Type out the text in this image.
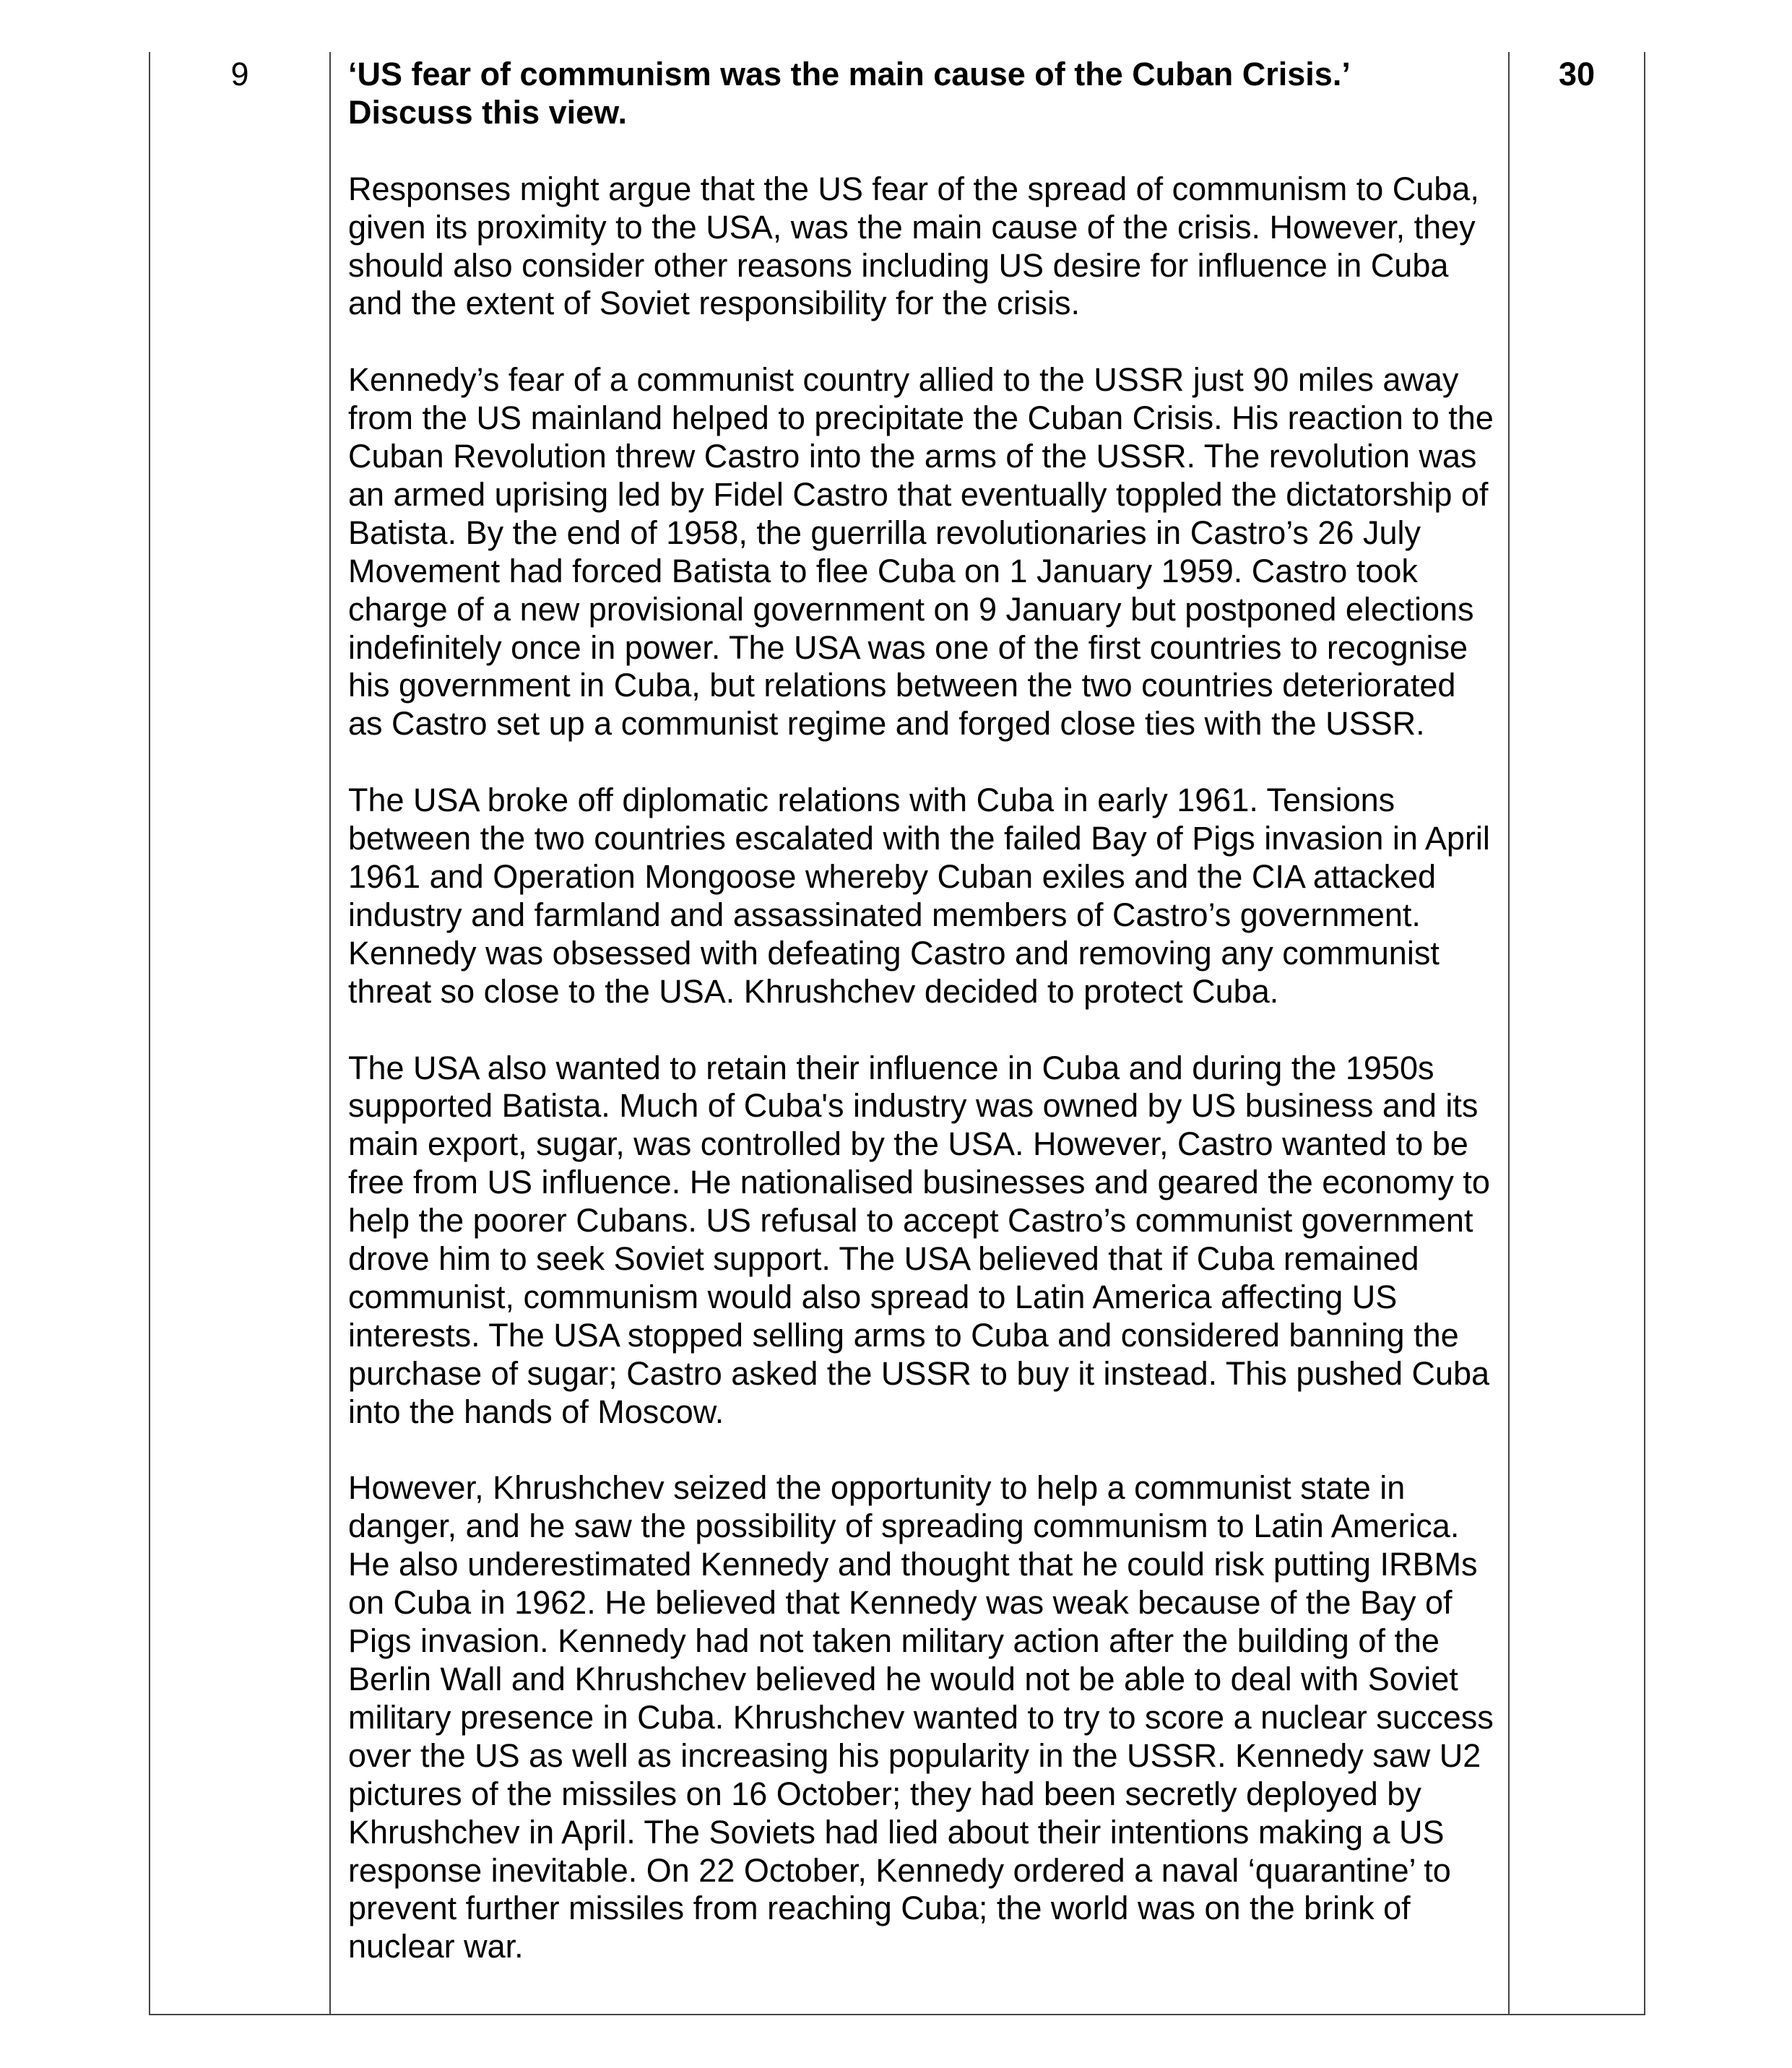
9	‘US fear of communism was the main cause of the Cuban Crisis.’
Discuss this view.

Responses might argue that the US fear of the spread of communism to Cuba, given its proximity to the USA, was the main cause of the crisis. However, they should also consider other reasons including US desire for influence in Cuba and the extent of Soviet responsibility for the crisis.

Kennedy’s fear of a communist country allied to the USSR just 90 miles away from the US mainland helped to precipitate the Cuban Crisis. His reaction to the Cuban Revolution threw Castro into the arms of the USSR. The revolution was an armed uprising led by Fidel Castro that eventually toppled the dictatorship of Batista. By the end of 1958, the guerrilla revolutionaries in Castro’s 26 July Movement had forced Batista to flee Cuba on 1 January 1959. Castro took charge of a new provisional government on 9 January but postponed elections indefinitely once in power. The USA was one of the first countries to recognise his government in Cuba, but relations between the two countries deteriorated as Castro set up a communist regime and forged close ties with the USSR.

The USA broke off diplomatic relations with Cuba in early 1961. Tensions between the two countries escalated with the failed Bay of Pigs invasion in April 1961 and Operation Mongoose whereby Cuban exiles and the CIA attacked industry and farmland and assassinated members of Castro’s government. Kennedy was obsessed with defeating Castro and removing any communist threat so close to the USA. Khrushchev decided to protect Cuba.

The USA also wanted to retain their influence in Cuba and during the 1950s supported Batista. Much of Cuba's industry was owned by US business and its main export, sugar, was controlled by the USA. However, Castro wanted to be free from US influence. He nationalised businesses and geared the economy to help the poorer Cubans. US refusal to accept Castro’s communist government drove him to seek Soviet support. The USA believed that if Cuba remained communist, communism would also spread to Latin America affecting US interests. The USA stopped selling arms to Cuba and considered banning the purchase of sugar; Castro asked the USSR to buy it instead. This pushed Cuba into the hands of Moscow.

However, Khrushchev seized the opportunity to help a communist state in danger, and he saw the possibility of spreading communism to Latin America. He also underestimated Kennedy and thought that he could risk putting IRBMs on Cuba in 1962. He believed that Kennedy was weak because of the Bay of Pigs invasion. Kennedy had not taken military action after the building of the Berlin Wall and Khrushchev believed he would not be able to deal with Soviet military presence in Cuba. Khrushchev wanted to try to score a nuclear success over the US as well as increasing his popularity in the USSR. Kennedy saw U2 pictures of the missiles on 16 October; they had been secretly deployed by Khrushchev in April. The Soviets had lied about their intentions making a US response inevitable. On 22 October, Kennedy ordered a naval ‘quarantine’ to prevent further missiles from reaching Cuba; the world was on the brink of nuclear war.

30
